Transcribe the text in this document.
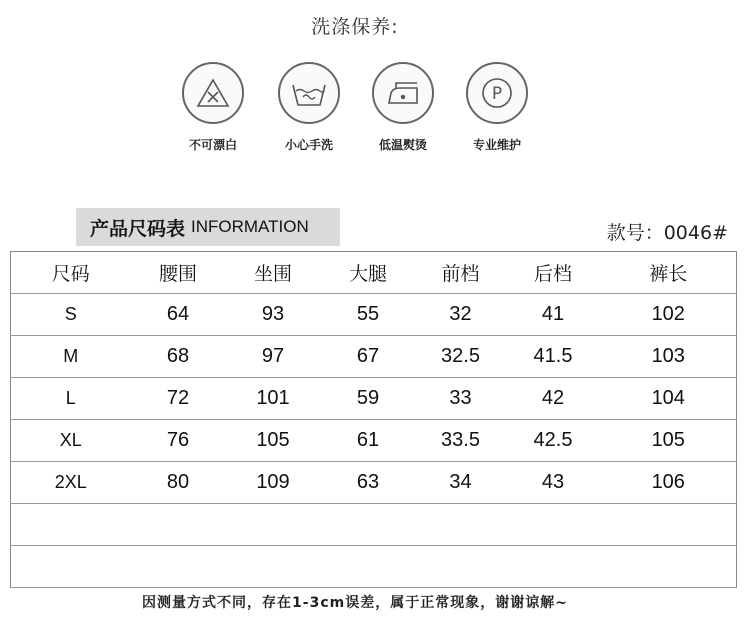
洗涤保养:
不可漂白	小心手洗	低温熨烫
P
专业维护
产品尺码表 INFORMATION	款号：0046#
尺码	腰围	坐围	大腿	前档	后档	裤长
S	64	93	55	32	41	102
M	68	97	67	32.5	41.5	103
L	72	101	59	33	42	104
XL	76	105	61	33.5	42.5	105
2XL	80	109	63	34	43	106

因测量方式不同，存在1-3cm误差，属于正常现象，谢谢谅解~
